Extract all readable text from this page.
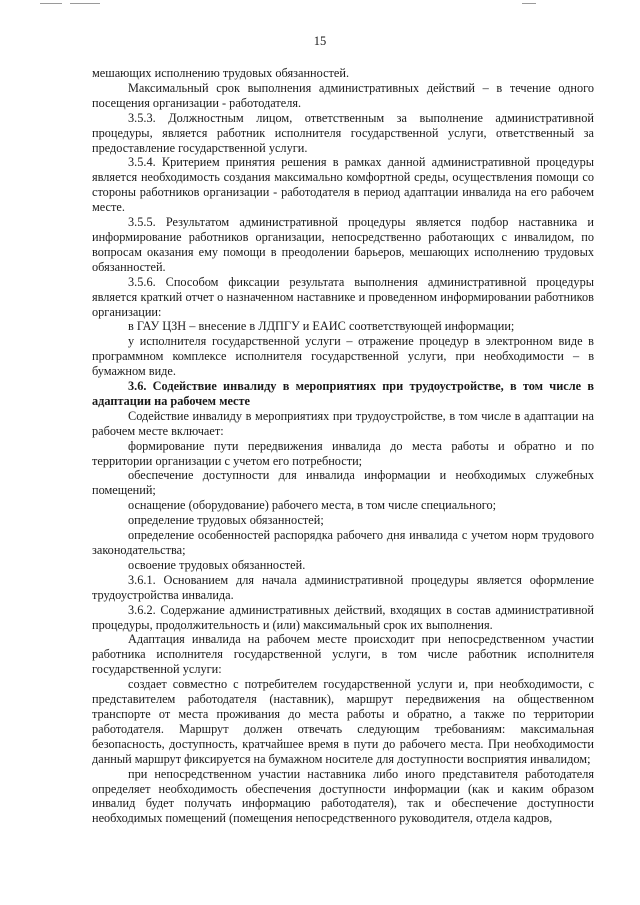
15

мешающих исполнению трудовых обязанностей.

Максимальный срок выполнения административных действий – в течение одного посещения организации - работодателя.

3.5.3. Должностным лицом, ответственным за выполнение административной процедуры, является работник исполнителя государственной услуги, ответственный за предоставление государственной услуги.

3.5.4. Критерием принятия решения в рамках данной административной процедуры является необходимость создания максимально комфортной среды, осуществления помощи со стороны работников организации - работодателя в период адаптации инвалида на его рабочем месте.

3.5.5. Результатом административной процедуры является подбор наставника и информирование работников организации, непосредственно работающих с инвалидом, по вопросам оказания ему помощи в преодолении барьеров, мешающих исполнению трудовых обязанностей.

3.5.6. Способом фиксации результата выполнения административной процедуры является краткий отчет о назначенном наставнике и проведенном информировании работников организации:

в ГАУ ЦЗН – внесение в ЛДПГУ и ЕАИС соответствующей информации;

у исполнителя государственной услуги – отражение процедур в электронном виде в программном комплексе исполнителя государственной услуги, при необходимости – в бумажном виде.

3.6. Содействие инвалиду в мероприятиях при трудоустройстве, в том числе в адаптации на рабочем месте

Содействие инвалиду в мероприятиях при трудоустройстве, в том числе в адаптации на рабочем месте включает:

формирование пути передвижения инвалида до места работы и обратно и по территории организации с учетом его потребности;

обеспечение доступности для инвалида информации и необходимых служебных помещений;

оснащение (оборудование) рабочего места, в том числе специального;

определение трудовых обязанностей;

определение особенностей распорядка рабочего дня инвалида с учетом норм трудового законодательства;

освоение трудовых обязанностей.

3.6.1. Основанием для начала административной процедуры является оформление трудоустройства инвалида.

3.6.2. Содержание административных действий, входящих в состав административной процедуры, продолжительность и (или) максимальный срок их выполнения.

Адаптация инвалида на рабочем месте происходит при непосредственном участии работника исполнителя государственной услуги, в том числе работник исполнителя государственной услуги:

создает совместно с потребителем государственной услуги и, при необходимости, с представителем работодателя (наставник), маршрут передвижения на общественном транспорте от места проживания до места работы и обратно, а также по территории работодателя. Маршрут должен отвечать следующим требованиям: максимальная безопасность, доступность, кратчайшее время в пути до рабочего места. При необходимости данный маршрут фиксируется на бумажном носителе для доступности восприятия инвалидом;

при непосредственном участии наставника либо иного представителя работодателя определяет необходимость обеспечения доступности информации (как и каким образом инвалид будет получать информацию работодателя), так и обеспечение доступности необходимых помещений (помещения непосредственного руководителя, отдела кадров,
